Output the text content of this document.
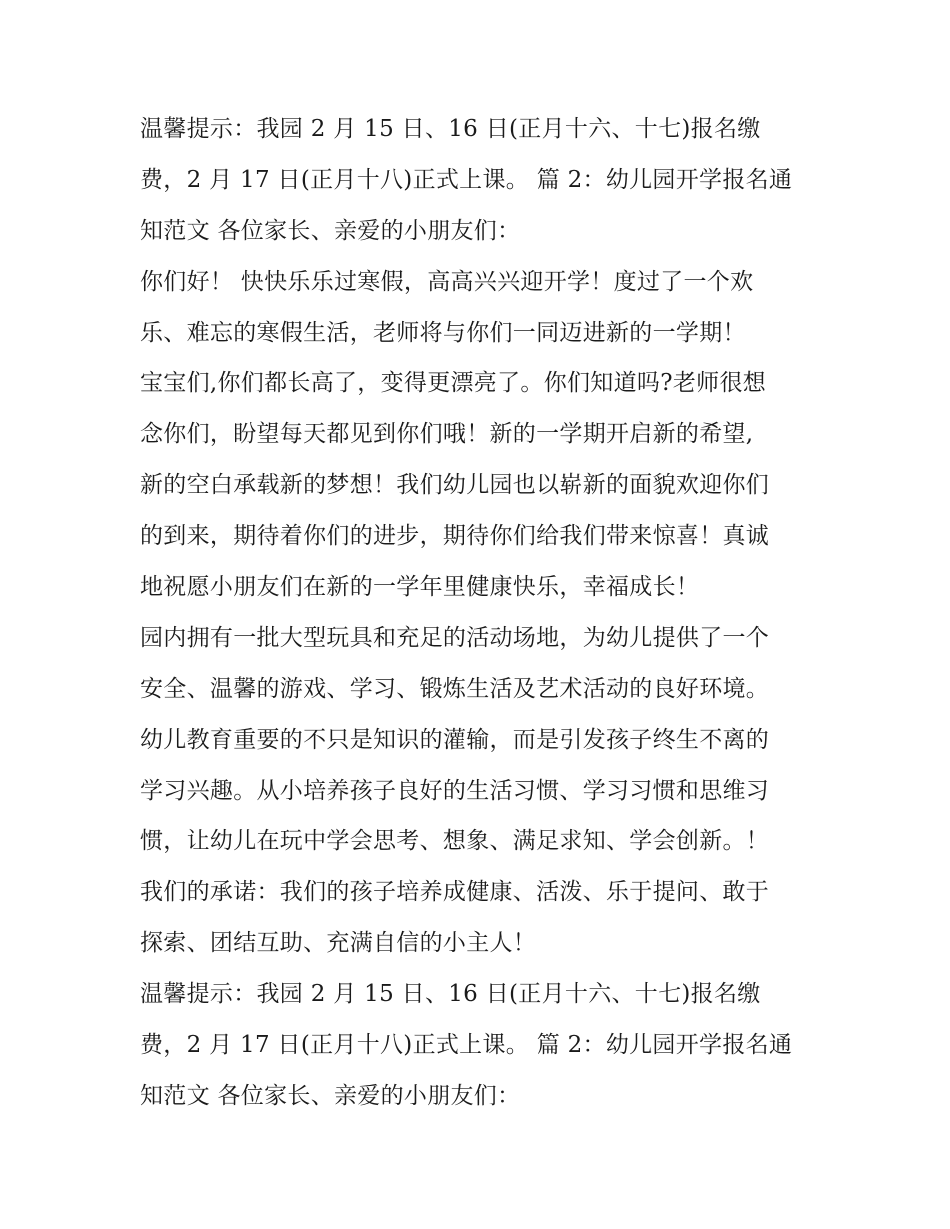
温馨提示：我园 2 月 15 日、16 日(正月十六、十七)报名缴
费，2 月 17 日(正月十八)正式上课。 篇 2：幼儿园开学报名通
知范文 各位家长、亲爱的小朋友们：
你们好！ 快快乐乐过寒假，高高兴兴迎开学！度过了一个欢
乐、难忘的寒假生活，老师将与你们一同迈进新的一学期！
宝宝们,你们都长高了，变得更漂亮了。你们知道吗?老师很想
念你们，盼望每天都见到你们哦！新的一学期开启新的希望,
新的空白承载新的梦想！我们幼儿园也以崭新的面貌欢迎你们
的到来，期待着你们的进步，期待你们给我们带来惊喜！真诚
地祝愿小朋友们在新的一学年里健康快乐，幸福成长！
园内拥有一批大型玩具和充足的活动场地，为幼儿提供了一个
安全、温馨的游戏、学习、锻炼生活及艺术活动的良好环境。
幼儿教育重要的不只是知识的灌输，而是引发孩子终生不离的
学习兴趣。从小培养孩子良好的生活习惯、学习习惯和思维习
惯，让幼儿在玩中学会思考、想象、满足求知、学会创新。！
我们的承诺：我们的孩子培养成健康、活泼、乐于提问、敢于
探索、团结互助、充满自信的小主人！
温馨提示：我园 2 月 15 日、16 日(正月十六、十七)报名缴
费，2 月 17 日(正月十八)正式上课。 篇 2：幼儿园开学报名通
知范文 各位家长、亲爱的小朋友们：
